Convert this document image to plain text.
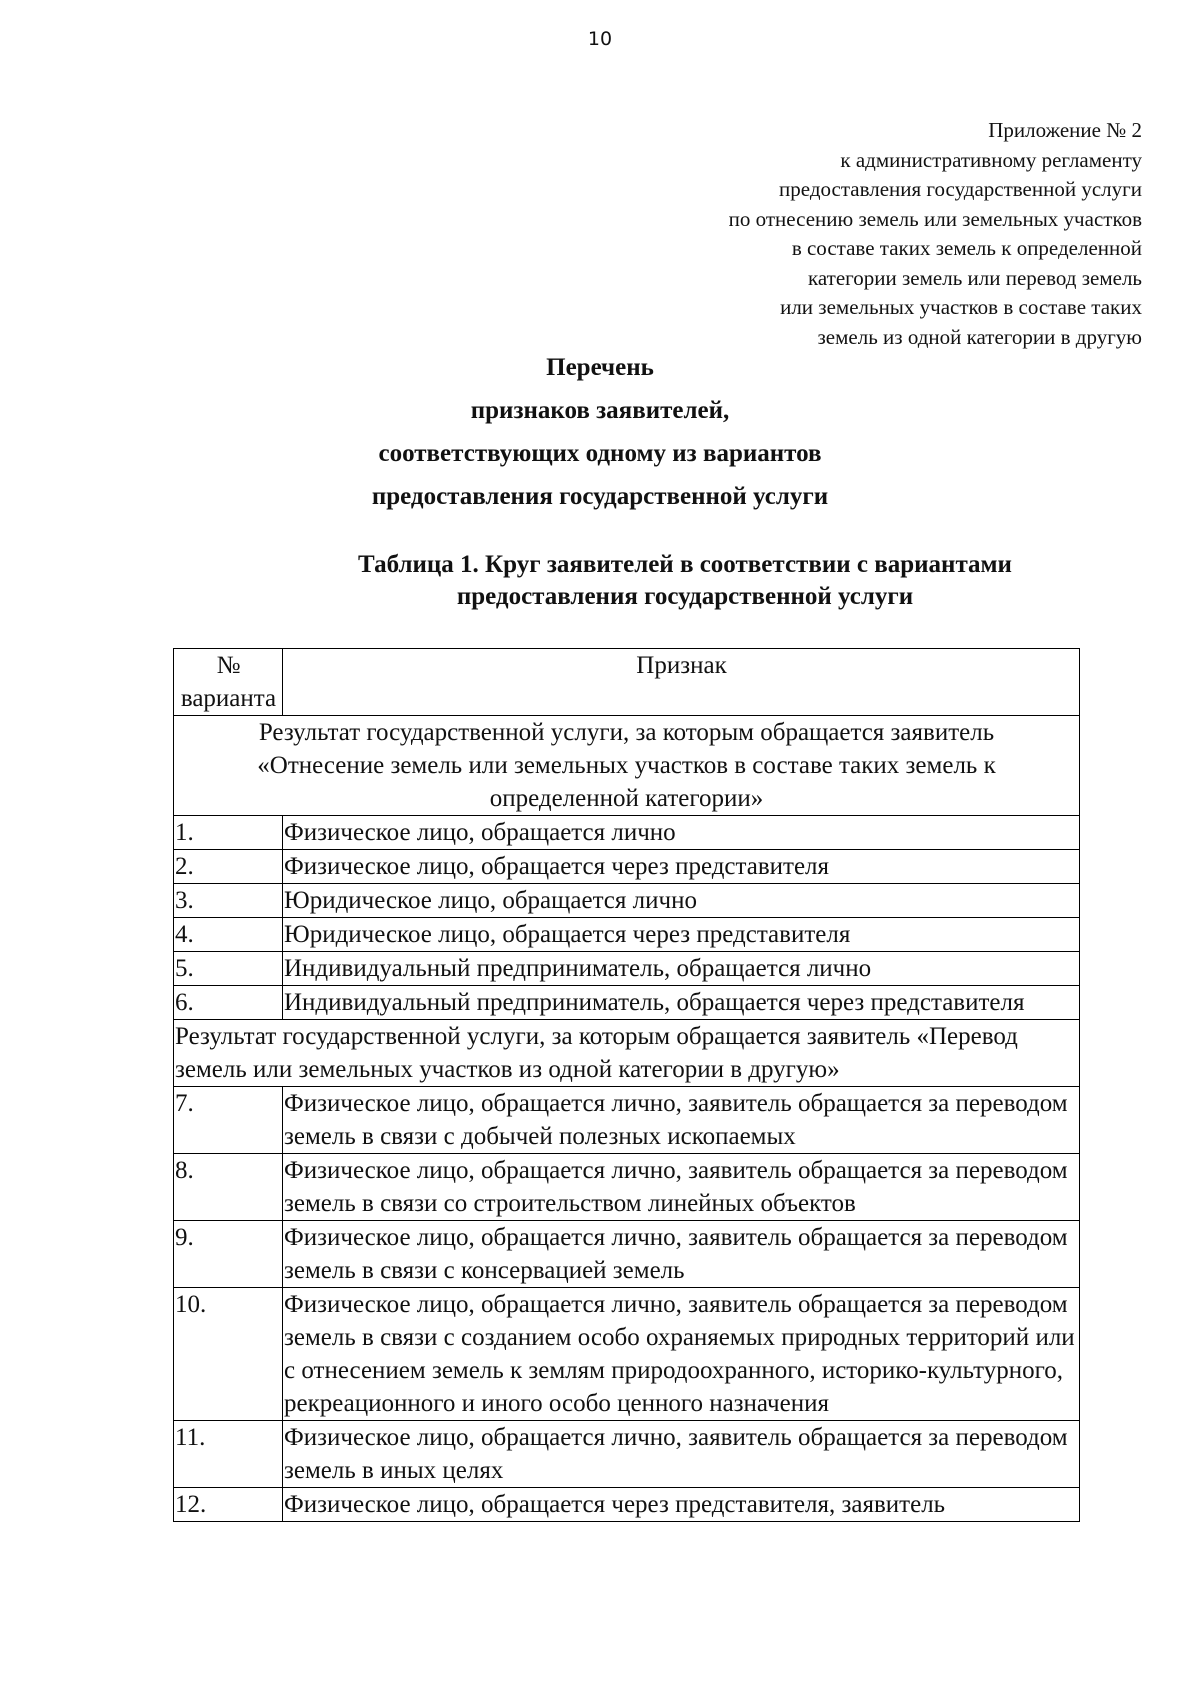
10
Приложение № 2
к административному регламенту
предоставления государственной услуги
по отнесению земель или земельных участков
в составе таких земель к определенной
категории земель или перевод земель
или земельных участков в составе таких
земель из одной категории в другую
Перечень
признаков заявителей,
соответствующих одному из вариантов
предоставления государственной услуги
Таблица 1. Круг заявителей в соответствии с вариантами предоставления государственной услуги
№ варианта	Признак
Результат государственной услуги, за которым обращается заявитель «Отнесение земель или земельных участков в составе таких земель к определенной категории»	
1.	Физическое лицо, обращается лично
2.	Физическое лицо, обращается через представителя
3.	Юридическое лицо, обращается лично
4.	Юридическое лицо, обращается через представителя
5.	Индивидуальный предприниматель, обращается лично
6.	Индивидуальный предприниматель, обращается через представителя
Результат государственной услуги, за которым обращается заявитель «Перевод земель или земельных участков из одной категории в другую»	
7.	Физическое лицо, обращается лично, заявитель обращается за переводом земель в связи с добычей полезных ископаемых
8.	Физическое лицо, обращается лично, заявитель обращается за переводом земель в связи со строительством линейных объектов
9.	Физическое лицо, обращается лично, заявитель обращается за переводом земель в связи с консервацией земель
10.	Физическое лицо, обращается лично, заявитель обращается за переводом земель в связи с созданием особо охраняемых природных территорий или с отнесением земель к землям природоохранного, историко-культурного, рекреационного и иного особо ценного назначения
11.	Физическое лицо, обращается лично, заявитель обращается за переводом земель в иных целях
12.	Физическое лицо, обращается через представителя, заявитель
